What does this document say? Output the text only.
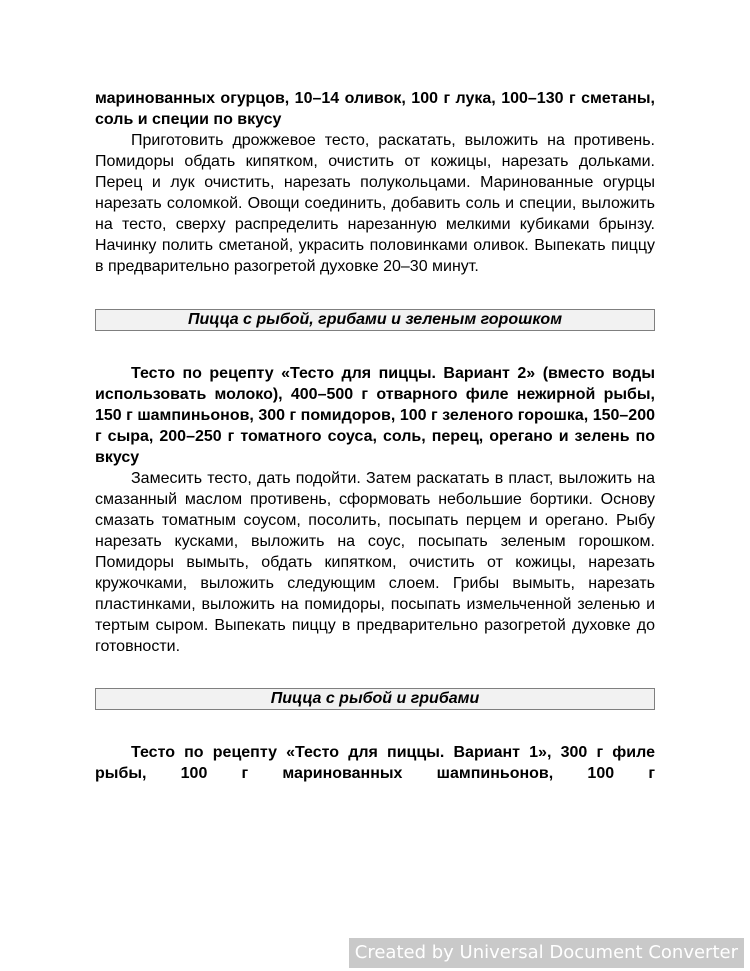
маринованных огурцов, 10–14 оливок, 100 г лука, 100–130 г сметаны, соль и специи по вкусу

Приготовить дрожжевое тесто, раскатать, выложить на противень. Помидоры обдать кипятком, очистить от кожицы, нарезать дольками. Перец и лук очистить, нарезать полукольцами. Маринованные огурцы нарезать соломкой. Овощи соединить, добавить соль и специи, выложить на тесто, сверху распределить нарезанную мелкими кубиками брынзу. Начинку полить сметаной, украсить половинками оливок. Выпекать пиццу в предварительно разогретой духовке 20–30 минут.

Пицца с рыбой, грибами и зеленым горошком

Тесто по рецепту «Тесто для пиццы. Вариант 2» (вместо воды использовать молоко), 400–500 г отварного филе нежирной рыбы, 150 г шампиньонов, 300 г помидоров, 100 г зеленого горошка, 150–200 г сыра, 200–250 г томатного соуса, соль, перец, орегано и зелень по вкусу

Замесить тесто, дать подойти. Затем раскатать в пласт, выложить на смазанный маслом противень, сформовать небольшие бортики. Основу смазать томатным соусом, посолить, посыпать перцем и орегано. Рыбу нарезать кусками, выложить на соус, посыпать зеленым горошком. Помидоры вымыть, обдать кипятком, очистить от кожицы, нарезать кружочками, выложить следующим слоем. Грибы вымыть, нарезать пластинками, выложить на помидоры, посыпать измельченной зеленью и тертым сыром. Выпекать пиццу в предварительно разогретой духовке до готовности.

Пицца с рыбой и грибами

Тесто по рецепту «Тесто для пиццы. Вариант 1», 300 г филе рыбы, 100 г маринованных шампиньонов, 100 г

Created by Universal Document Converter
